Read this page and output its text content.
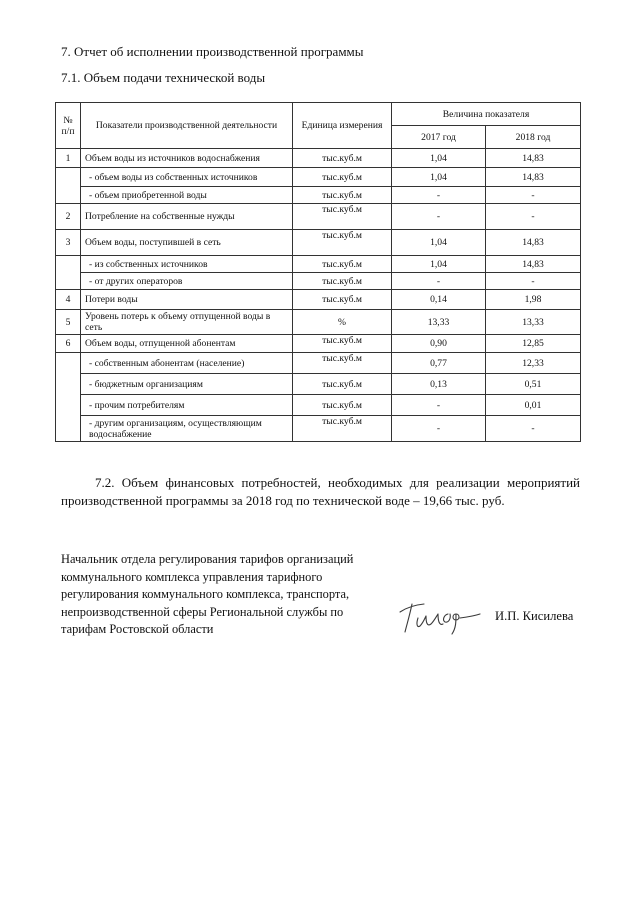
7. Отчет об исполнении производственной программы
7.1. Объем подачи технической воды
№ п/п	Показатели производственной деятельности	Единица измерения	Величина показателя	
			2017 год	2018 год
1	Объем воды из источников водоснабжения	тыс.куб.м	1,04	14,83
	- объем воды из собственных источников	тыс.куб.м	1,04	14,83
	- объем приобретенной воды	тыс.куб.м	-	-
2	Потребление на собственные нужды	тыс.куб.м	-	-
3	Объем воды, поступившей в сеть	тыс.куб.м	1,04	14,83
	- из собственных источников	тыс.куб.м	1,04	14,83
	- от других операторов	тыс.куб.м	-	-
4	Потери воды	тыс.куб.м	0,14	1,98
5	Уровень потерь к объему отпущенной воды в сеть	%	13,33	13,33
6	Объем воды, отпущенной абонентам	тыс.куб.м	0,90	12,85
	- собственным абонентам (население)	тыс.куб.м	0,77	12,33
	- бюджетным организациям	тыс.куб.м	0,13	0,51
	- прочим потребителям	тыс.куб.м	-	0,01
	- другим организациям, осуществляющим водоснабжение	тыс.куб.м	-	-

7.2. Объем финансовых потребностей, необходимых для реализации мероприятий производственной программы за 2018 год по технической воде – 19,66 тыс. руб.

Начальник отдела регулирования тарифов организаций
коммунального комплекса управления тарифного
регулирования коммунального комплекса, транспорта,
непроизводственной сферы Региональной службы по
тарифам Ростовской области
И.П. Кисилева
